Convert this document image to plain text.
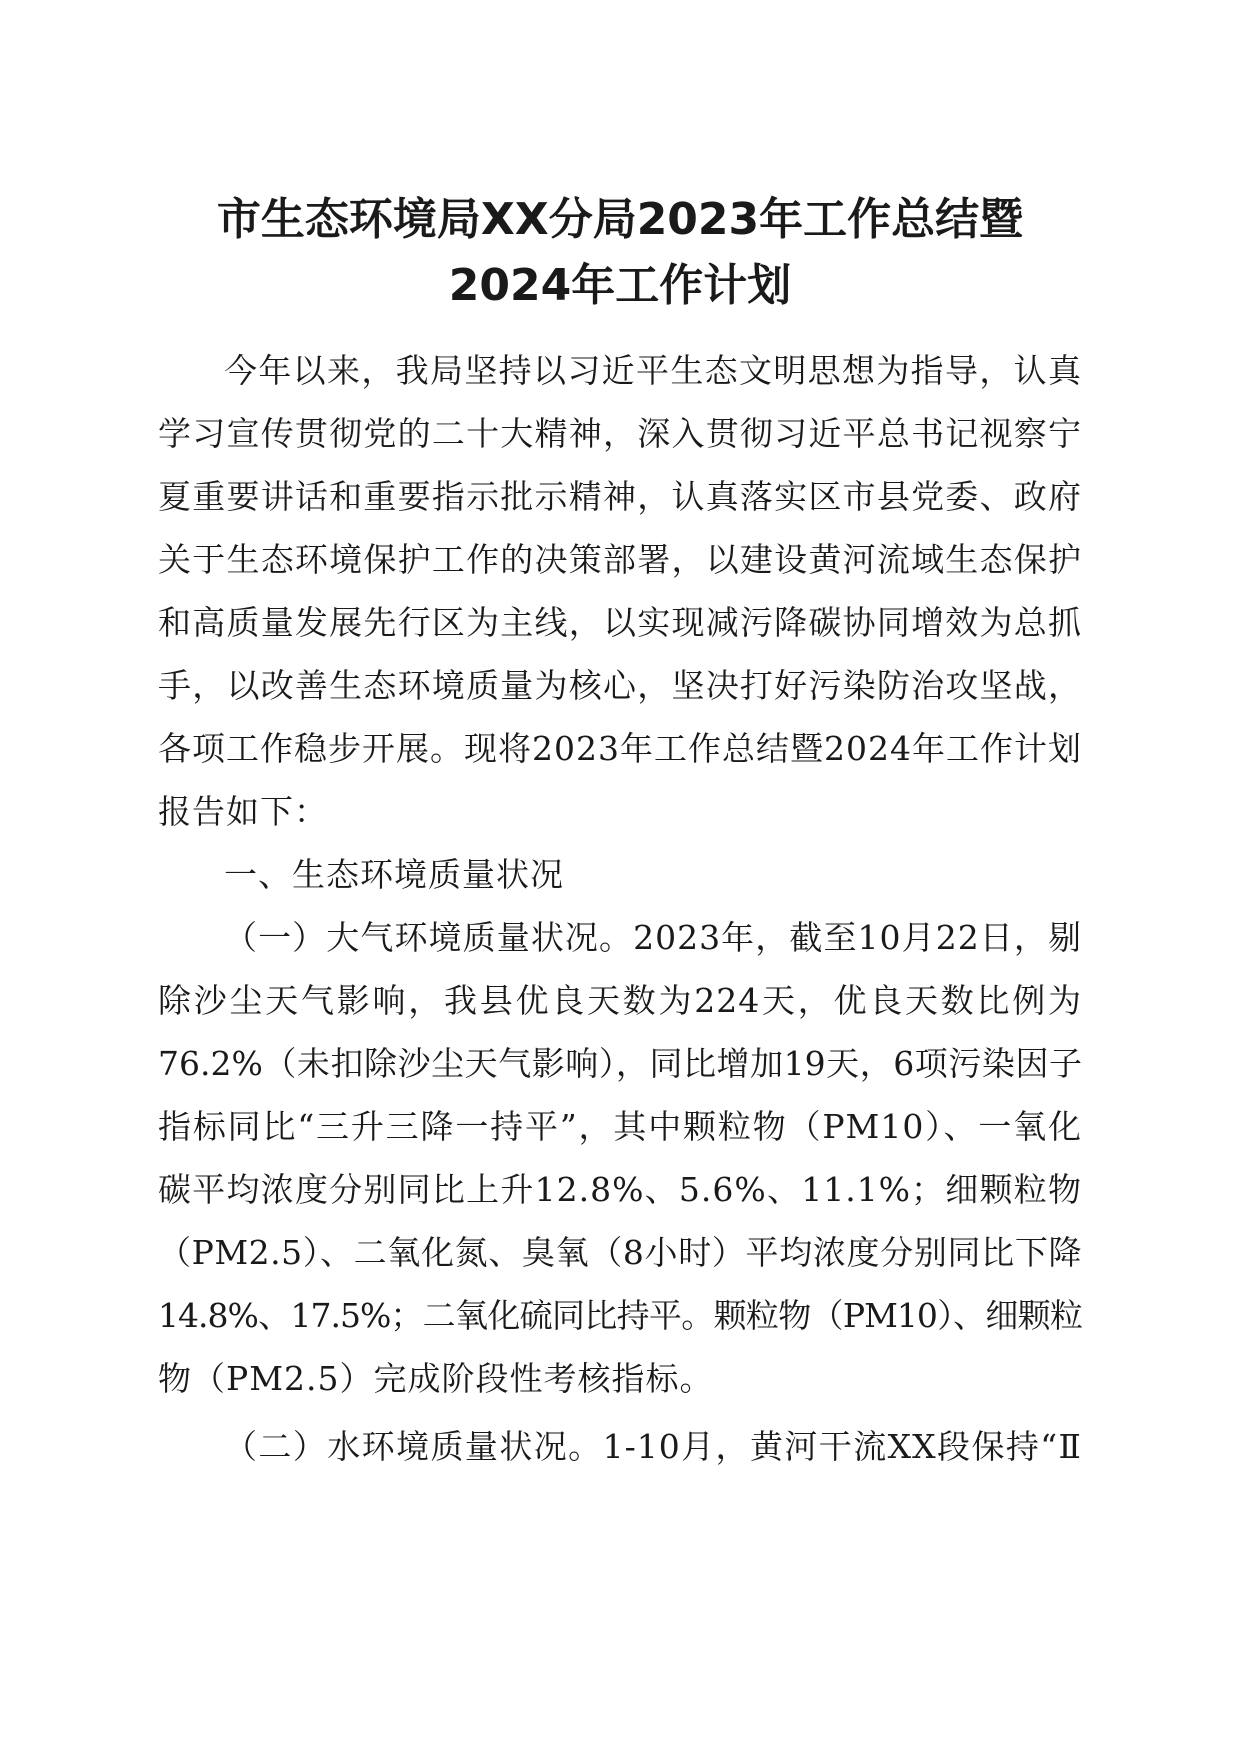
市生态环境局XX分局2023年工作总结暨
2024年工作计划
今年以来，我局坚持以习近平生态文明思想为指导，认真
学习宣传贯彻党的二十大精神，深入贯彻习近平总书记视察宁
夏重要讲话和重要指示批示精神，认真落实区市县党委、政府
关于生态环境保护工作的决策部署，以建设黄河流域生态保护
和高质量发展先行区为主线，以实现减污降碳协同增效为总抓
手，以改善生态环境质量为核心，坚决打好污染防治攻坚战，
各项工作稳步开展。现将2023年工作总结暨2024年工作计划
报告如下：
一、生态环境质量状况
（一）大气环境质量状况。2023年，截至10月22日，剔
除沙尘天气影响，我县优良天数为224天，优良天数比例为
76.2%（未扣除沙尘天气影响），同比增加19天，6项污染因子
指标同比“三升三降一持平”，其中颗粒物（PM10）、一氧化
碳平均浓度分别同比上升12.8%、5.6%、11.1%；细颗粒物
（PM2.5）、二氧化氮、臭氧（8小时）平均浓度分别同比下降
14.8%、17.5%；二氧化硫同比持平。颗粒物（PM10）、细颗粒
物（PM2.5）完成阶段性考核指标。
（二）水环境质量状况。1-10月，黄河干流XX段保持“Ⅱ
